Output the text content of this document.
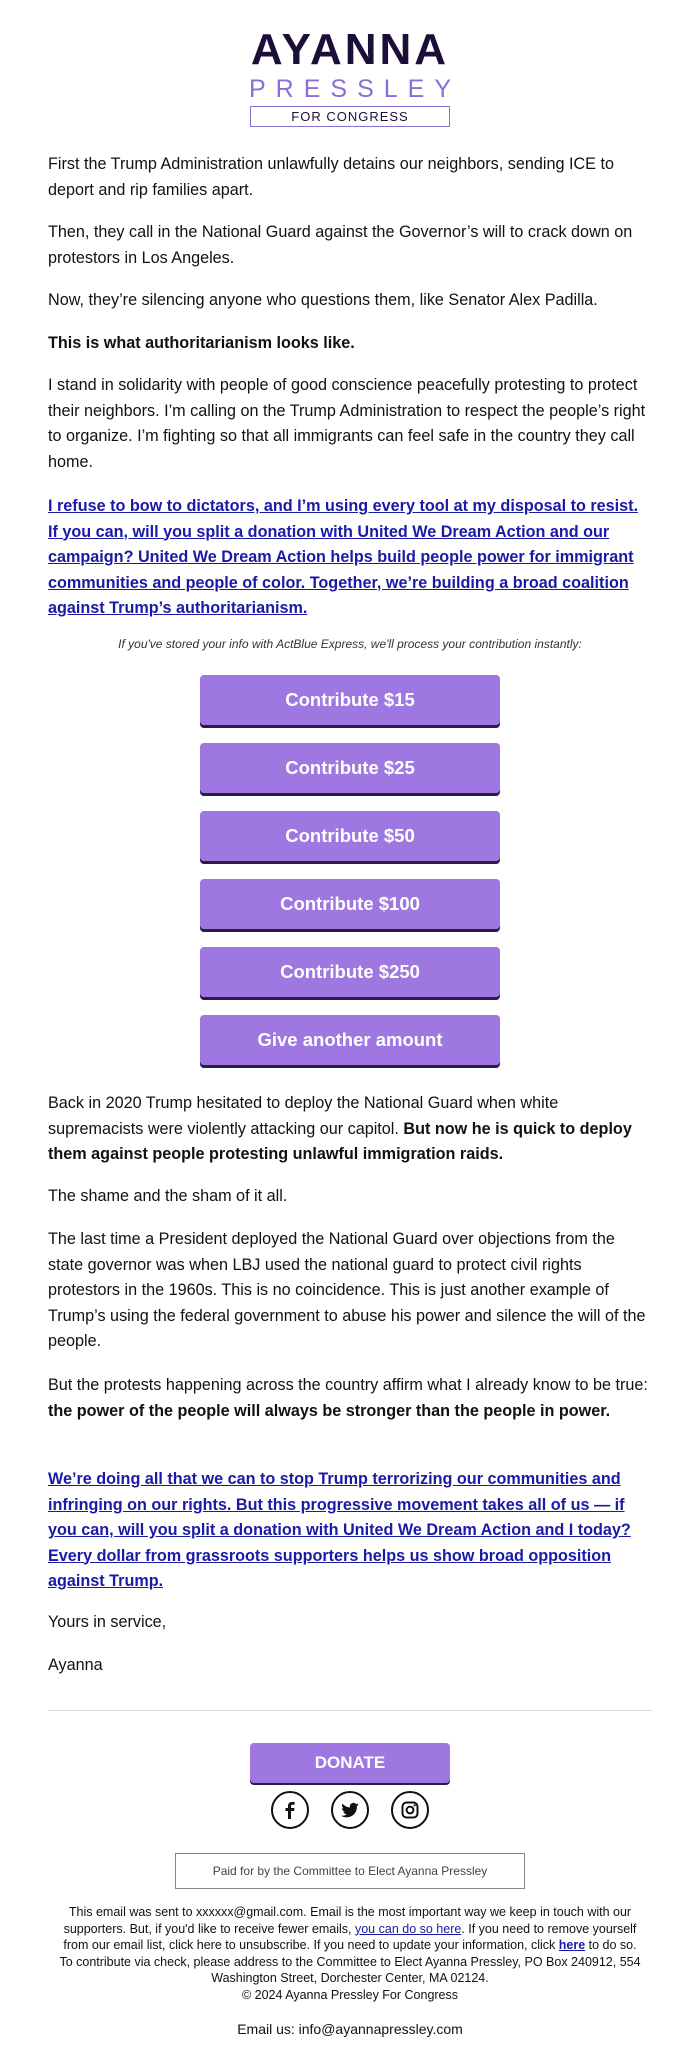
AYANNA
PRESSLEY
FOR CONGRESS

First the Trump Administration unlawfully detains our neighbors, sending ICE to deport and rip families apart.

Then, they call in the National Guard against the Governor’s will to crack down on protestors in Los Angeles.

Now, they’re silencing anyone who questions them, like Senator Alex Padilla.

This is what authoritarianism looks like.

I stand in solidarity with people of good conscience peacefully protesting to protect their neighbors. I’m calling on the Trump Administration to respect the people’s right to organize. I’m fighting so that all immigrants can feel safe in the country they call home.

I refuse to bow to dictators, and I’m using every tool at my disposal to resist. If you can, will you split a donation with United We Dream Action and our campaign? United We Dream Action helps build people power for immigrant communities and people of color. Together, we’re building a broad coalition against Trump’s authoritarianism.

If you've stored your info with ActBlue Express, we'll process your contribution instantly:
Contribute $15
Contribute $25
Contribute $50
Contribute $100
Contribute $250
Give another amount

Back in 2020 Trump hesitated to deploy the National Guard when white supremacists were violently attacking our capitol. But now he is quick to deploy them against people protesting unlawful immigration raids.

The shame and the sham of it all.

The last time a President deployed the National Guard over objections from the state governor was when LBJ used the national guard to protect civil rights protestors in the 1960s. This is no coincidence. This is just another example of Trump’s using the federal government to abuse his power and silence the will of the people.

But the protests happening across the country affirm what I already know to be true: the power of the people will always be stronger than the people in power.

We’re doing all that we can to stop Trump terrorizing our communities and infringing on our rights. But this progressive movement takes all of us — if you can, will you split a donation with United We Dream Action and I today? Every dollar from grassroots supporters helps us show broad opposition against Trump.

Yours in service,

Ayanna

DONATE

Paid for by the Committee to Elect Ayanna Pressley
This email was sent to xxxxxx@gmail.com. Email is the most important way we keep in touch with our supporters. But, if you'd like to receive fewer emails, you can do so here. If you need to remove yourself from our email list, click here to unsubscribe. If you need to update your information, click here to do so. To contribute via check, please address to the Committee to Elect Ayanna Pressley, PO Box 240912, 554 Washington Street, Dorchester Center, MA 02124.
© 2024 Ayanna Pressley For Congress
Email us: info@ayannapressley.com
